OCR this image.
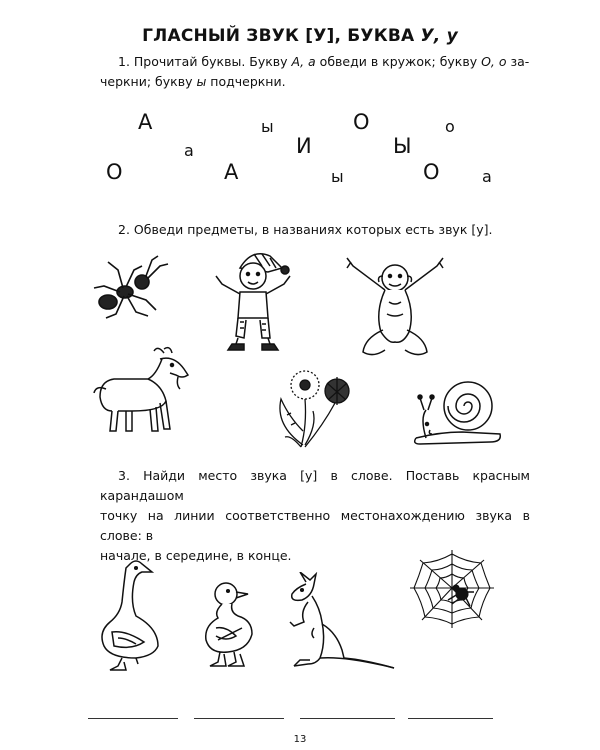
ГЛАСНЫЙ ЗВУК [У], БУКВА У, у
1. Прочитай буквы. Букву А, а обведи в кружок; букву О, о за-
черкни; букву ы подчеркни.
А	ы	О	о
а	И	Ы
О	А	ы	О	а
2. Обведи предметы, в названиях которых есть звук [у].
3. Найди место звука [у] в слове. Поставь красным карандашом
точку на линии соответственно местонахождению звука в слове: в
начале, в середине, в конце.
13
